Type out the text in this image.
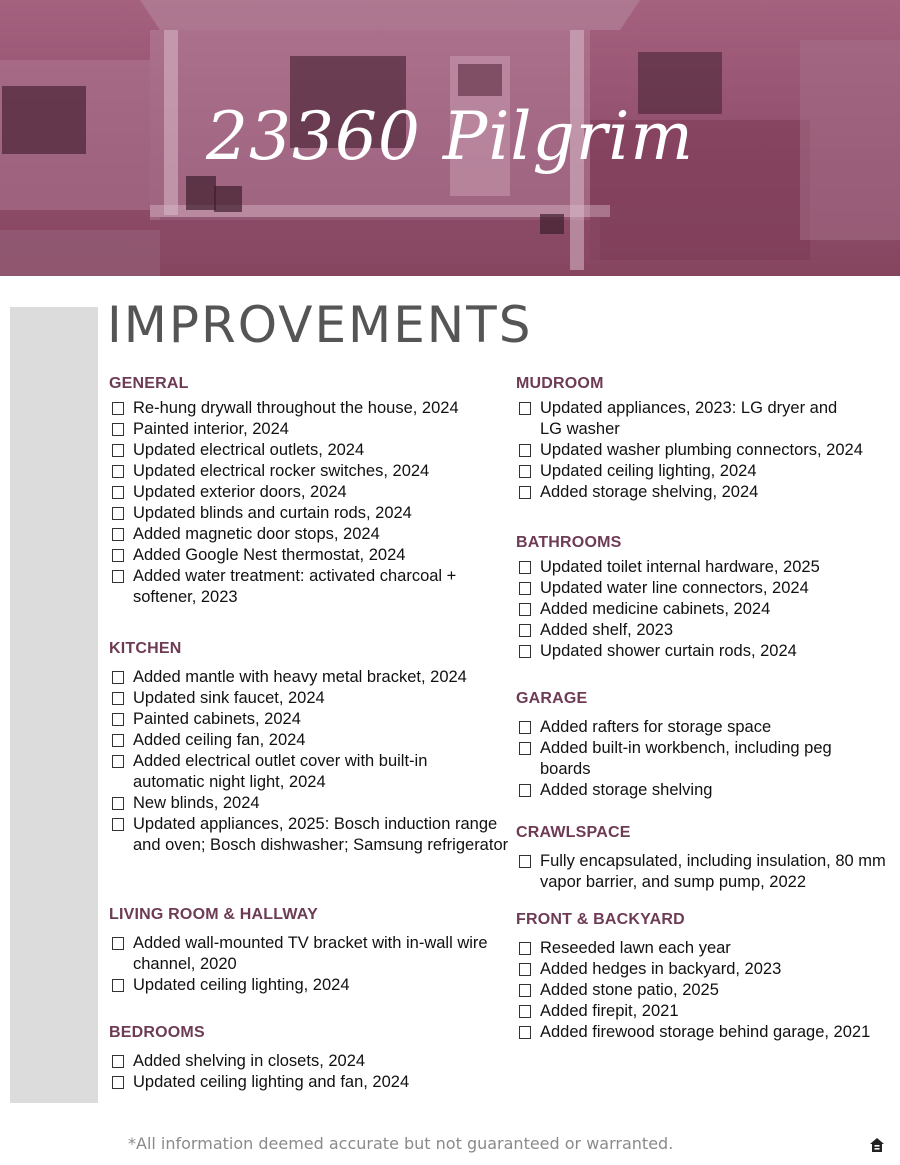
23360 Pilgrim
IMPROVEMENTS
GENERAL
Re-hung drywall throughout the house, 2024
Painted interior, 2024
Updated electrical outlets, 2024
Updated electrical rocker switches, 2024
Updated exterior doors, 2024
Updated blinds and curtain rods, 2024
Added magnetic door stops, 2024
Added Google Nest thermostat, 2024
Added water treatment: activated charcoal + softener, 2023
KITCHEN
Added mantle with heavy metal bracket, 2024
Updated sink faucet, 2024
Painted cabinets, 2024
Added ceiling fan, 2024
Added electrical outlet cover with built-in automatic night light, 2024
New blinds, 2024
Updated appliances, 2025: Bosch induction range and oven; Bosch dishwasher; Samsung refrigerator
LIVING ROOM & HALLWAY
Added wall-mounted TV bracket with in-wall wire channel, 2020
Updated ceiling lighting, 2024
BEDROOMS
Added shelving in closets, 2024
Updated ceiling lighting and fan, 2024
MUDROOM
Updated appliances, 2023: LG dryer and LG washer
Updated washer plumbing connectors, 2024
Updated ceiling lighting, 2024
Added storage shelving, 2024
BATHROOMS
Updated toilet internal hardware, 2025
Updated water line connectors, 2024
Added medicine cabinets, 2024
Added shelf, 2023
Updated shower curtain rods, 2024
GARAGE
Added rafters for storage space
Added built-in workbench, including peg boards
Added storage shelving
CRAWLSPACE
Fully encapsulated, including insulation, 80 mm vapor barrier, and sump pump, 2022
FRONT & BACKYARD
Reseeded lawn each year
Added hedges in backyard, 2023
Added stone patio, 2025
Added firepit, 2021
Added firewood storage behind garage, 2021
*All information deemed accurate but not guaranteed or warranted.
